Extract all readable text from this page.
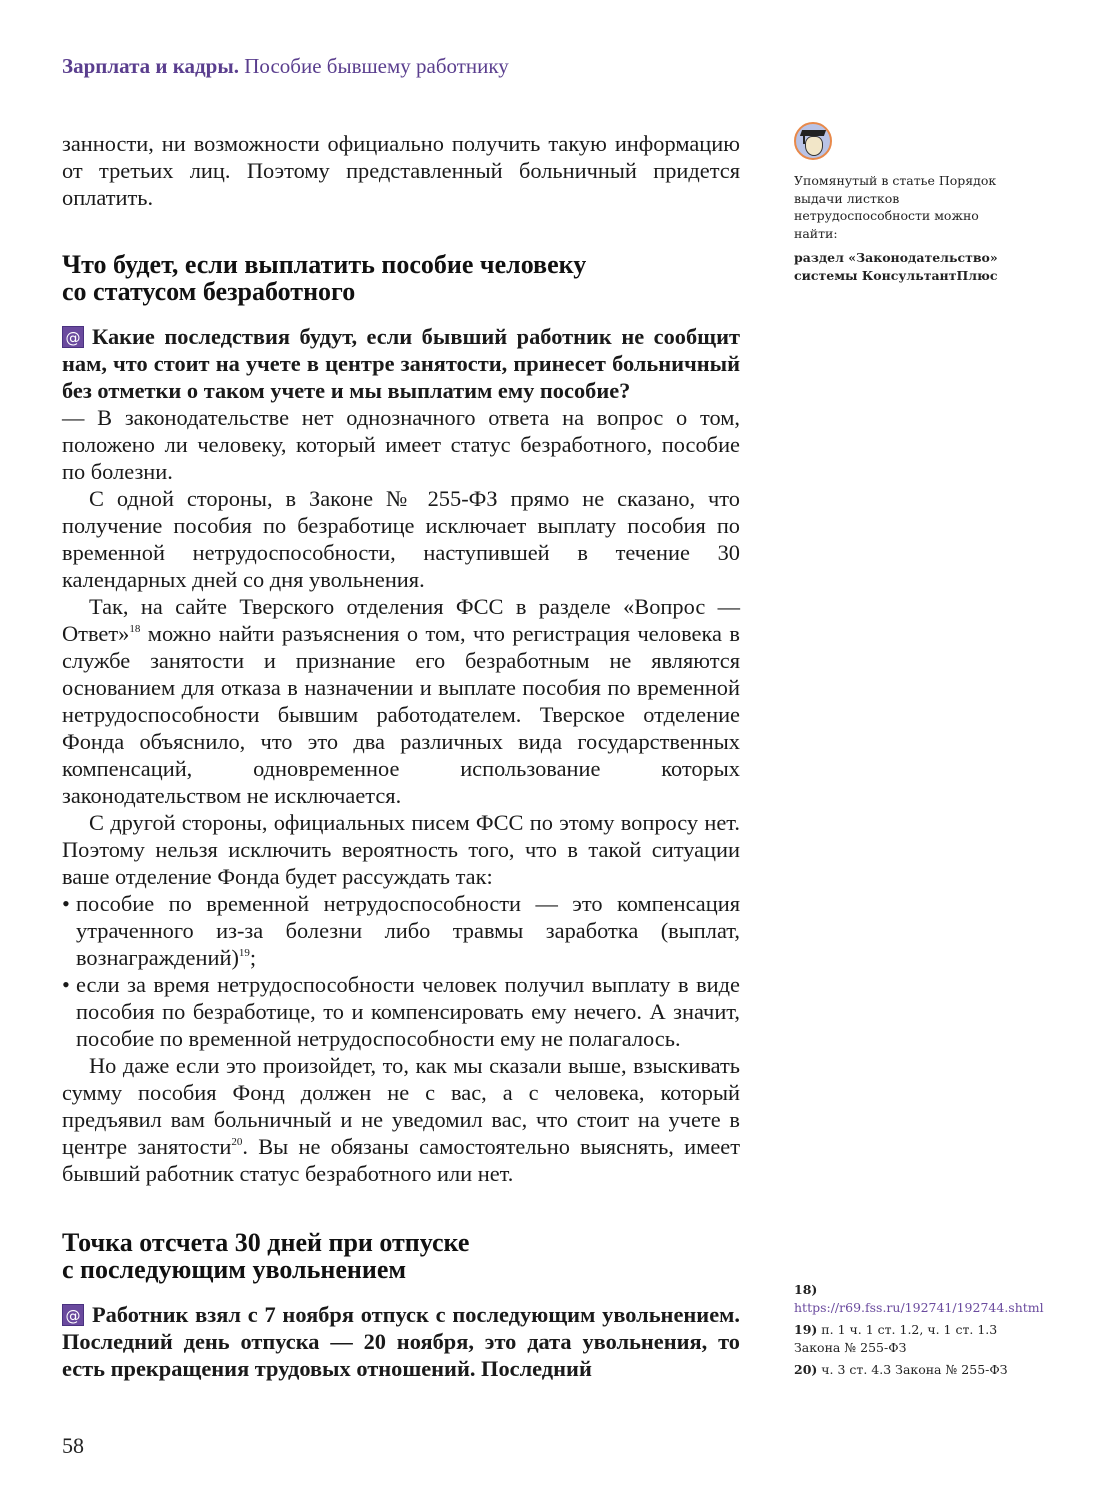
Зарплата и кадры. Пособие бывшему работнику

занности, ни возможности официально получить такую информацию от третьих лиц. Поэтому представленный больничный придется оплатить.

Что будет, если выплатить пособие человеку
со статусом безработного

@ Какие последствия будут, если бывший работник не сообщит нам, что стоит на учете в центре занятости, принесет больничный без отметки о таком учете и мы выплатим ему пособие?

— В законодательстве нет однозначного ответа на вопрос о том, положено ли человеку, который имеет статус безработного, пособие по болезни.

С одной стороны, в Законе № 255-ФЗ прямо не сказано, что получение пособия по безработице исключает выплату пособия по временной нетрудоспособности, наступившей в течение 30 календарных дней со дня увольнения.

Так, на сайте Тверского отделения ФСС в разделе «Вопрос — Ответ»$^{18}$ можно найти разъяснения о том, что регистрация человека в службе занятости и признание его безработным не являются основанием для отказа в назначении и выплате пособия по временной нетрудоспособности бывшим работодателем. Тверское отделение Фонда объяснило, что это два различных вида государственных компенсаций, одновременное использование которых законодательством не исключается.

С другой стороны, официальных писем ФСС по этому вопросу нет. Поэтому нельзя исключить вероятность того, что в такой ситуации ваше отделение Фонда будет рассуждать так:

• пособие по временной нетрудоспособности — это компенсация утраченного из-за болезни либо травмы заработка (выплат, вознаграждений)$^{19}$;
• если за время нетрудоспособности человек получил выплату в виде пособия по безработице, то и компенсировать ему нечего. А значит, пособие по временной нетрудоспособности ему не полагалось.

Но даже если это произойдет, то, как мы сказали выше, взыскивать сумму пособия Фонд должен не с вас, а с человека, который предъявил вам больничный и не уведомил вас, что стоит на учете в центре занятости$^{20}$. Вы не обязаны самостоятельно выяснять, имеет бывший работник статус безработного или нет.

Точка отсчета 30 дней при отпуске
с последующим увольнением

@ Работник взял с 7 ноября отпуск с последующим увольнением. Последний день отпуска — 20 ноября, это дата увольнения, то есть прекращения трудовых отношений. Последний

Упомянутый в статье Порядок выдачи листков нетрудоспособности можно найти:

раздел «Законодательство» системы КонсультантПлюс

18) https://r69.fss.ru/192741/192744.shtml
19) п. 1 ч. 1 ст. 1.2, ч. 1 ст. 1.3 Закона № 255-ФЗ
20) ч. 3 ст. 4.3 Закона № 255-ФЗ
58
